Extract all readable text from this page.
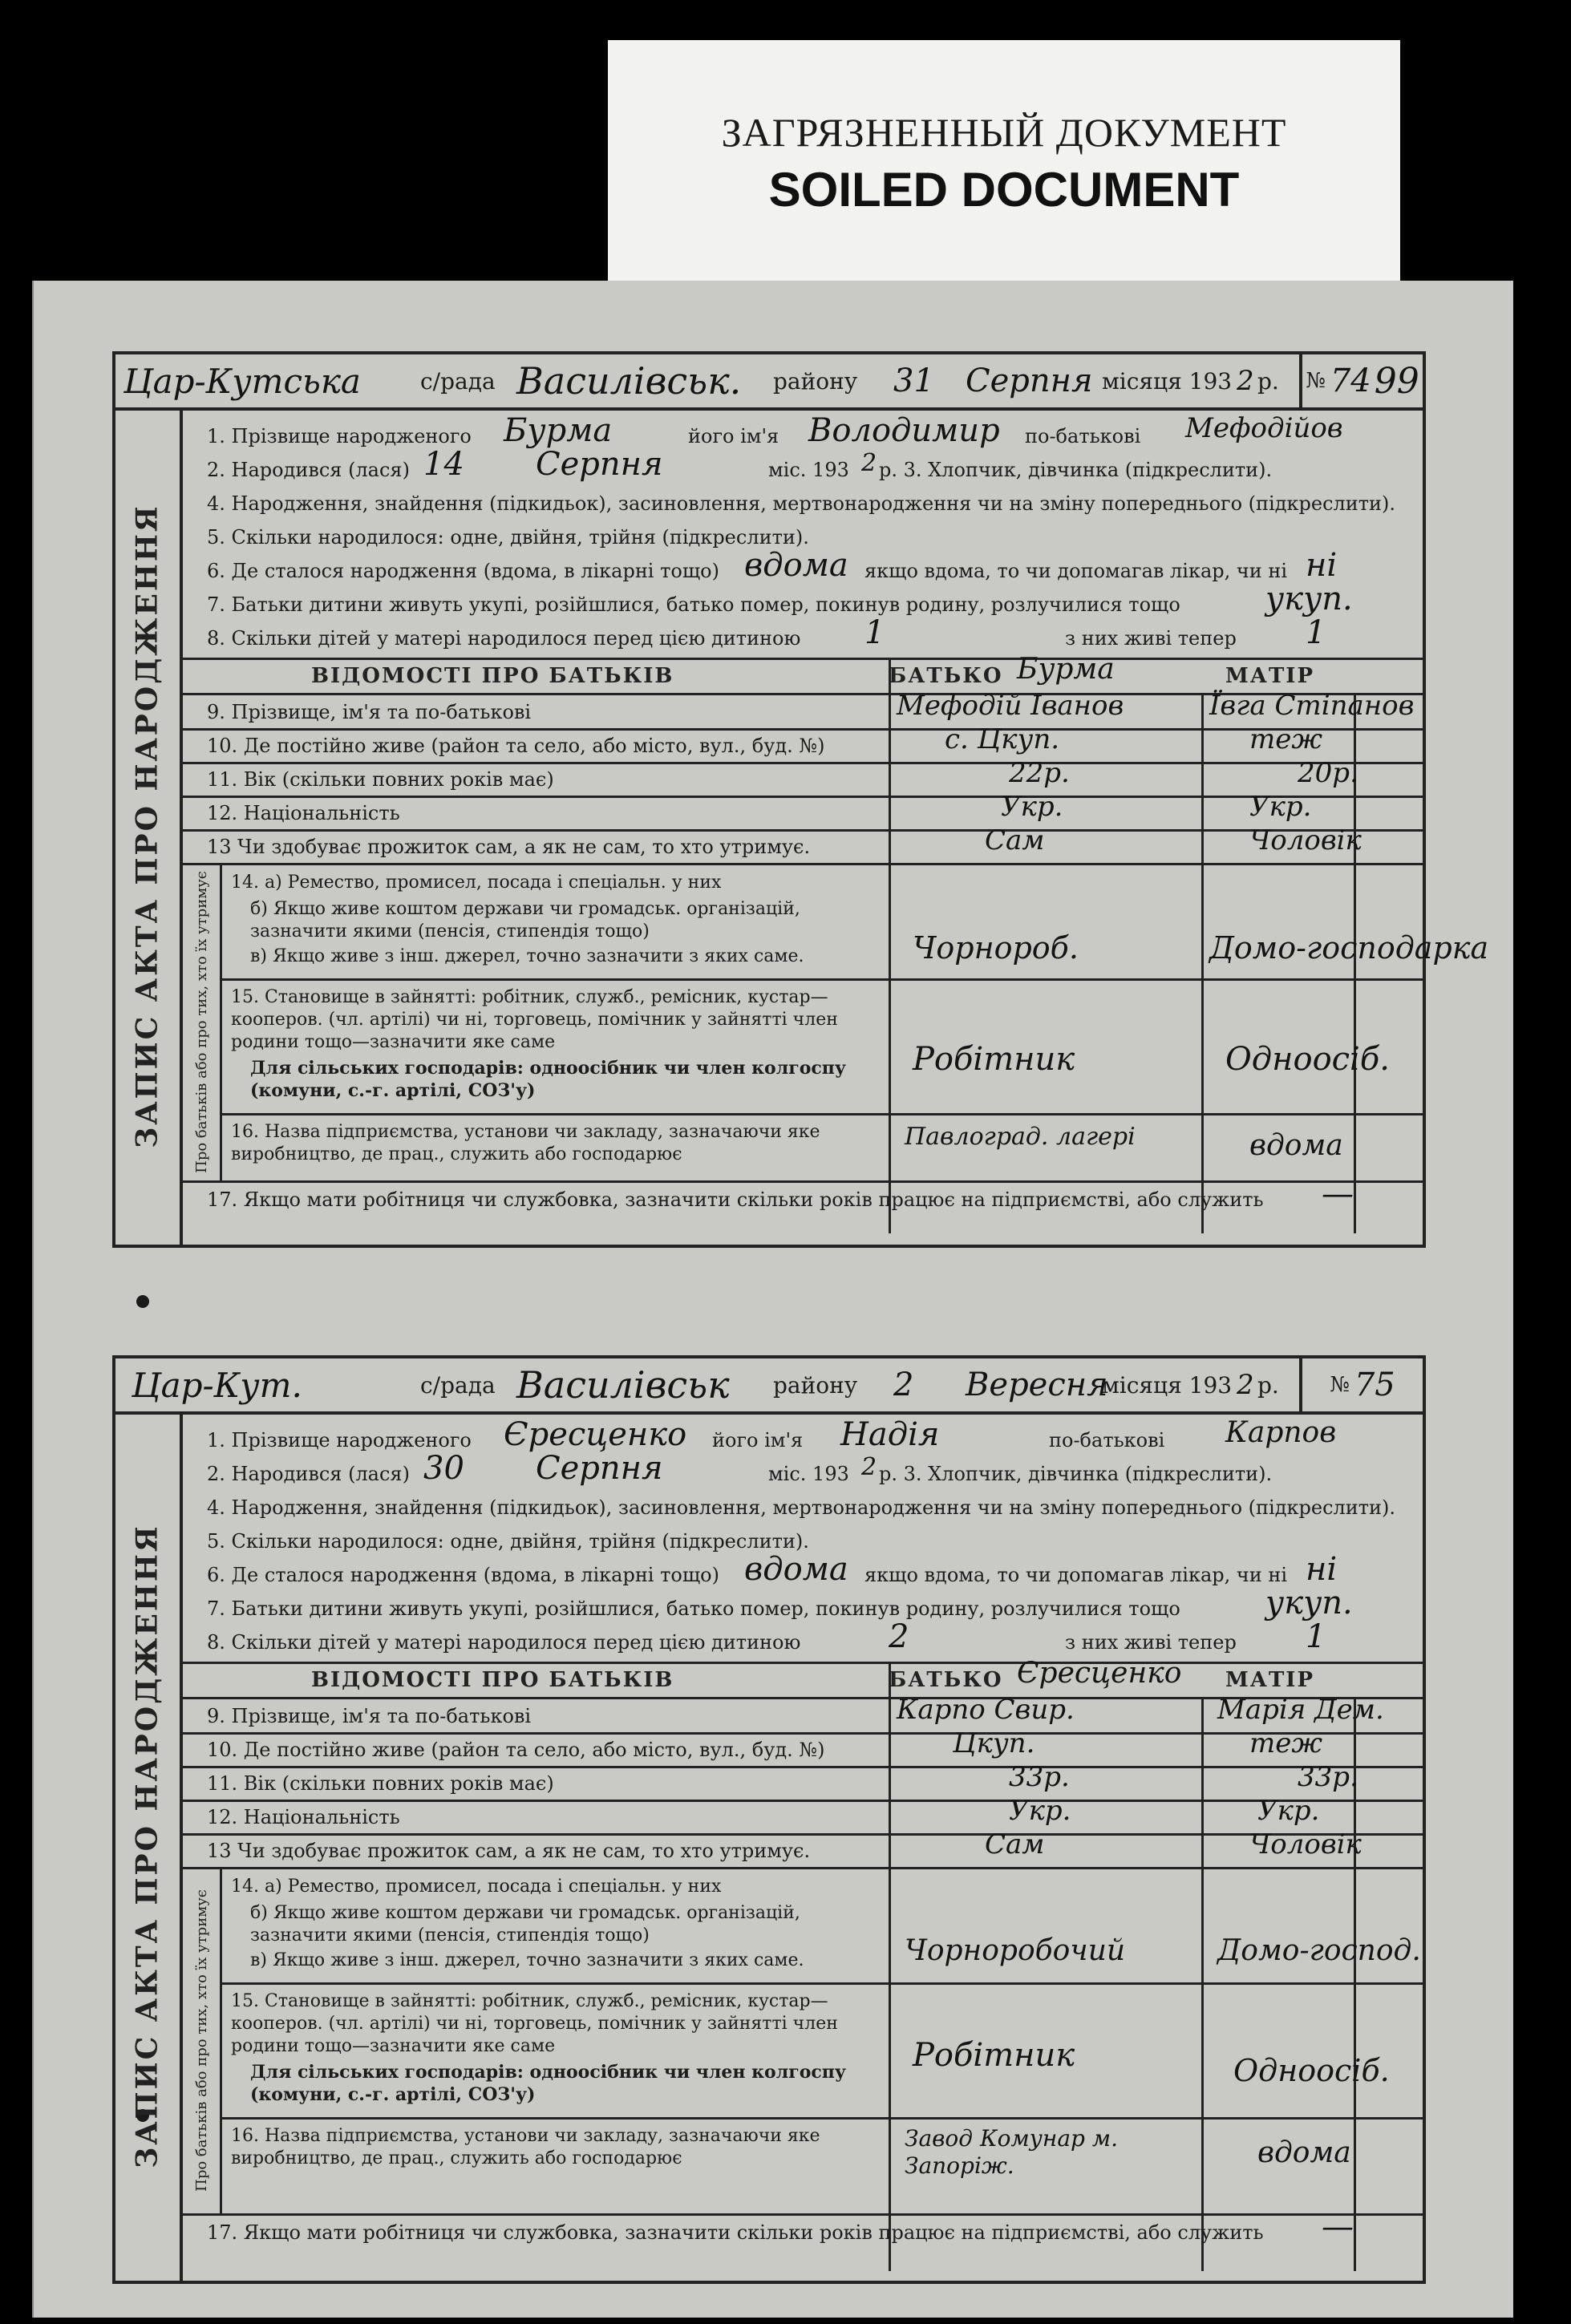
ЗАГРЯЗНЕННЫЙ ДОКУМЕНТ
SOILED DOCUMENT
Цар-Кутська	с/рада Василівськ. району 31 Серпня місяця 193 2 р. № 74 99
ЗАПИС АКТА ПРО НАРОДЖЕННЯ
1. Прізвище народженого Бурма	його ім'я Володимир по-батькові Мефодійов
2. Народився (лася) 14 Серпня	міс. 193 2 р. 3. Хлопчик, дівчинка (підкреслити).
4. Народження, знайдення (підкидьок), засиновлення, мертвонародження чи на зміну попереднього (підкреслити).
5. Скільки народилося: одне, двійня, трійня (підкреслити).
6. Де сталося народження (вдома, в лікарні тощо) вдома якщо вдома, то чи допомагав лікар, чи ні ні
7. Батьки дитини живуть укупі, розійшлися, батько помер, покинув родину, розлучилися тощо	укуп.
8. Скільки дітей у матері народилося перед цією дитиною 1	з них живі тепер 1
ВІДОМОСТІ ПРО БАТЬКІВ	БАТЬКО Бурма	МАТІР
9. Прізвище, ім'я та по-батькові	Мефодій Іванов	Ївга Стіпанов
10. Де постійно живе (район та село, або місто, вул., буд. №)	с. Цкуп.	теж
11. Вік (скільки повних років має)	22р.	20р.
12. Національність	Укр.	Укр.
13 Чи здобуває прожиток сам, а як не сам, то хто утримує.	Сам	Чоловік
Про батьків або про тих, хто їх утримує 14. а) Ремество, промисел, посада і спеціальн. у них
б) Якщо живе коштом держави чи громадськ. організацій, зазначити якими (пенсія, стипендія тощо)
в) Якщо живе з інш. джерел, точно зазначити з яких саме.	Чорнороб.	Домо-господарка
15. Становище в зайнятті: робітник, служб., ремісник, кустар—кооперов. (чл. артілі) чи ні, торговець, помічник у зайнятті член родини тощо—зазначити яке саме
Для сільських господарів: одноосібник чи член колгоспу (комуни, с.-г. артілі, СОЗ'у)
Робітник	Одноосіб.
16. Назва підприємства, установи чи закладу, зазначаючи яке виробництво, де прац., служить або господарює
Павлоград. лагері	вдома
17. Якщо мати робітниця чи службовка, зазначити скільки років працює на підприємстві, або служить —
Цар-Кут.	с/рада Василівськ району 2 Вересня
місяця 193 2 р. № 75
ЗАПИС АКТА ПРО НАРОДЖЕННЯ
1. Прізвище народженого Єресценко його ім'я Надія	по-батькові Карпов
2. Народився (лася) 30 Серпня	міс. 193 2 р. 3. Хлопчик, дівчинка (підкреслити).
4. Народження, знайдення (підкидьок), засиновлення, мертвонародження чи на зміну попереднього (підкреслити).
5. Скільки народилося: одне, двійня, трійня (підкреслити).
6. Де сталося народження (вдома, в лікарні тощо) вдома якщо вдома, то чи допомагав лікар, чи ні ні
7. Батьки дитини живуть укупі, розійшлися, батько помер, покинув родину, розлучилися тощо	укуп.
8. Скільки дітей у матері народилося перед цією дитиною	2	з них живі тепер 1
ВІДОМОСТІ ПРО БАТЬКІВ	БАТЬКО Єресценко МАТІР
9. Прізвище, ім'я та по-батькові	Карпо Свир.	Марія Дем.
10. Де постійно живе (район та село, або місто, вул., буд. №)	Цкуп.	теж
11. Вік (скільки повних років має)	33р.	33р.
12. Національність	Укр.	Укр.
13 Чи здобуває прожиток сам, а як не сам, то хто утримує.	Сам	Чоловік
Про батьків або про тих, хто їх утримує
14. а) Ремество, промисел, посада і спеціальн. у них
б) Якщо живе коштом держави чи громадськ. організацій, зазначити якими (пенсія, стипендія тощо)
в) Якщо живе з інш. джерел, точно зазначити з яких саме.	Чорноробочий	Домо-господ.
15. Становище в зайнятті: робітник, служб., ремісник, кустар—кооперов. (чл. артілі) чи ні, торговець, помічник у зайнятті член родини тощо—зазначити яке саме
Для сільських господарів: одноосібник чи член колгоспу (комуни, с.-г. артілі, СОЗ'у)
Робітник	Одноосіб.
16. Назва підприємства, установи чи закладу, зазначаючи яке виробництво, де прац., служить або господарює
Завод Комунар м. Запоріж.	вдома
17. Якщо мати робітниця чи службовка, зазначити скільки років працює на підприємстві, або служить —
